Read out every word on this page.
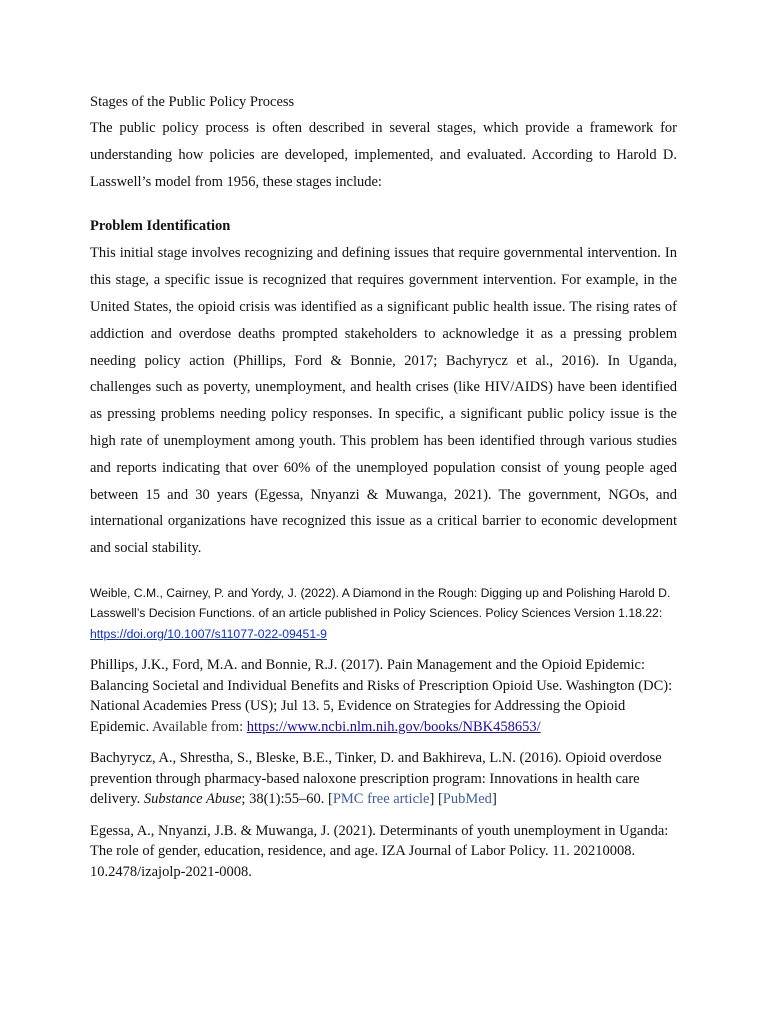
Stages of the Public Policy Process

The public policy process is often described in several stages, which provide a framework for understanding how policies are developed, implemented, and evaluated. According to Harold D. Lasswell’s model from 1956, these stages include:

Problem Identification

This initial stage involves recognizing and defining issues that require governmental intervention. In this stage, a specific issue is recognized that requires government intervention. For example, in the United States, the opioid crisis was identified as a significant public health issue. The rising rates of addiction and overdose deaths prompted stakeholders to acknowledge it as a pressing problem needing policy action (Phillips, Ford & Bonnie, 2017; Bachyrycz et al., 2016). In Uganda, challenges such as poverty, unemployment, and health crises (like HIV/AIDS) have been identified as pressing problems needing policy responses. In specific, a significant public policy issue is the high rate of unemployment among youth. This problem has been identified through various studies and reports indicating that over 60% of the unemployed population consist of young people aged between 15 and 30 years (Egessa, Nnyanzi & Muwanga, 2021). The government, NGOs, and international organizations have recognized this issue as a critical barrier to economic development and social stability.

Weible, C.M., Cairney, P. and Yordy, J. (2022). A Diamond in the Rough: Digging up and Polishing Harold D. Lasswell’s Decision Functions. of an article published in Policy Sciences. Policy Sciences Version 1.18.22: https://doi.org/10.1007/s11077-022-09451-9

Phillips, J.K., Ford, M.A. and Bonnie, R.J. (2017). Pain Management and the Opioid Epidemic: Balancing Societal and Individual Benefits and Risks of Prescription Opioid Use. Washington (DC): National Academies Press (US); Jul 13. 5, Evidence on Strategies for Addressing the Opioid Epidemic. Available from: https://www.ncbi.nlm.nih.gov/books/NBK458653/

Bachyrycz, A., Shrestha, S., Bleske, B.E., Tinker, D. and Bakhireva, L.N. (2016). Opioid overdose prevention through pharmacy-based naloxone prescription program: Innovations in health care delivery. Substance Abuse; 38(1):55–60. [PMC free article] [PubMed]

Egessa, A., Nnyanzi, J.B. & Muwanga, J. (2021). Determinants of youth unemployment in Uganda: The role of gender, education, residence, and age. IZA Journal of Labor Policy. 11. 20210008. 10.2478/izajolp-2021-0008.
